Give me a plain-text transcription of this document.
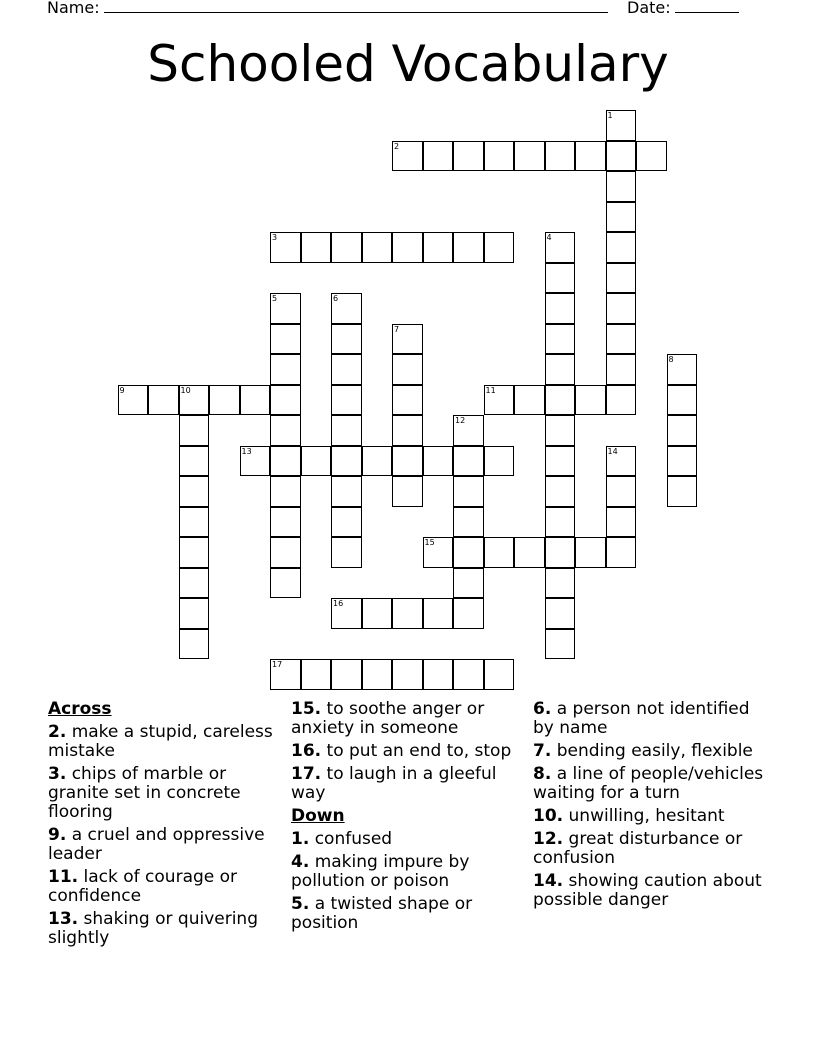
Name:	Date:
Schooled Vocabulary
1
2
3	4
5	6
7
8
9	10	11
12
13	14
15
16
17
Across
2. make a stupid, careless mistake
3. chips of marble or granite set in concrete flooring
9. a cruel and oppressive leader
11. lack of courage or confidence
13. shaking or quivering slightly
15. to soothe anger or anxiety in someone
16. to put an end to, stop
17. to laugh in a gleeful way
Down
1. confused
4. making impure by pollution or poison
5. a twisted shape or position
6. a person not identified by name
7. bending easily, flexible
8. a line of people/vehicles waiting for a turn
10. unwilling, hesitant
12. great disturbance or confusion
14. showing caution about possible danger
